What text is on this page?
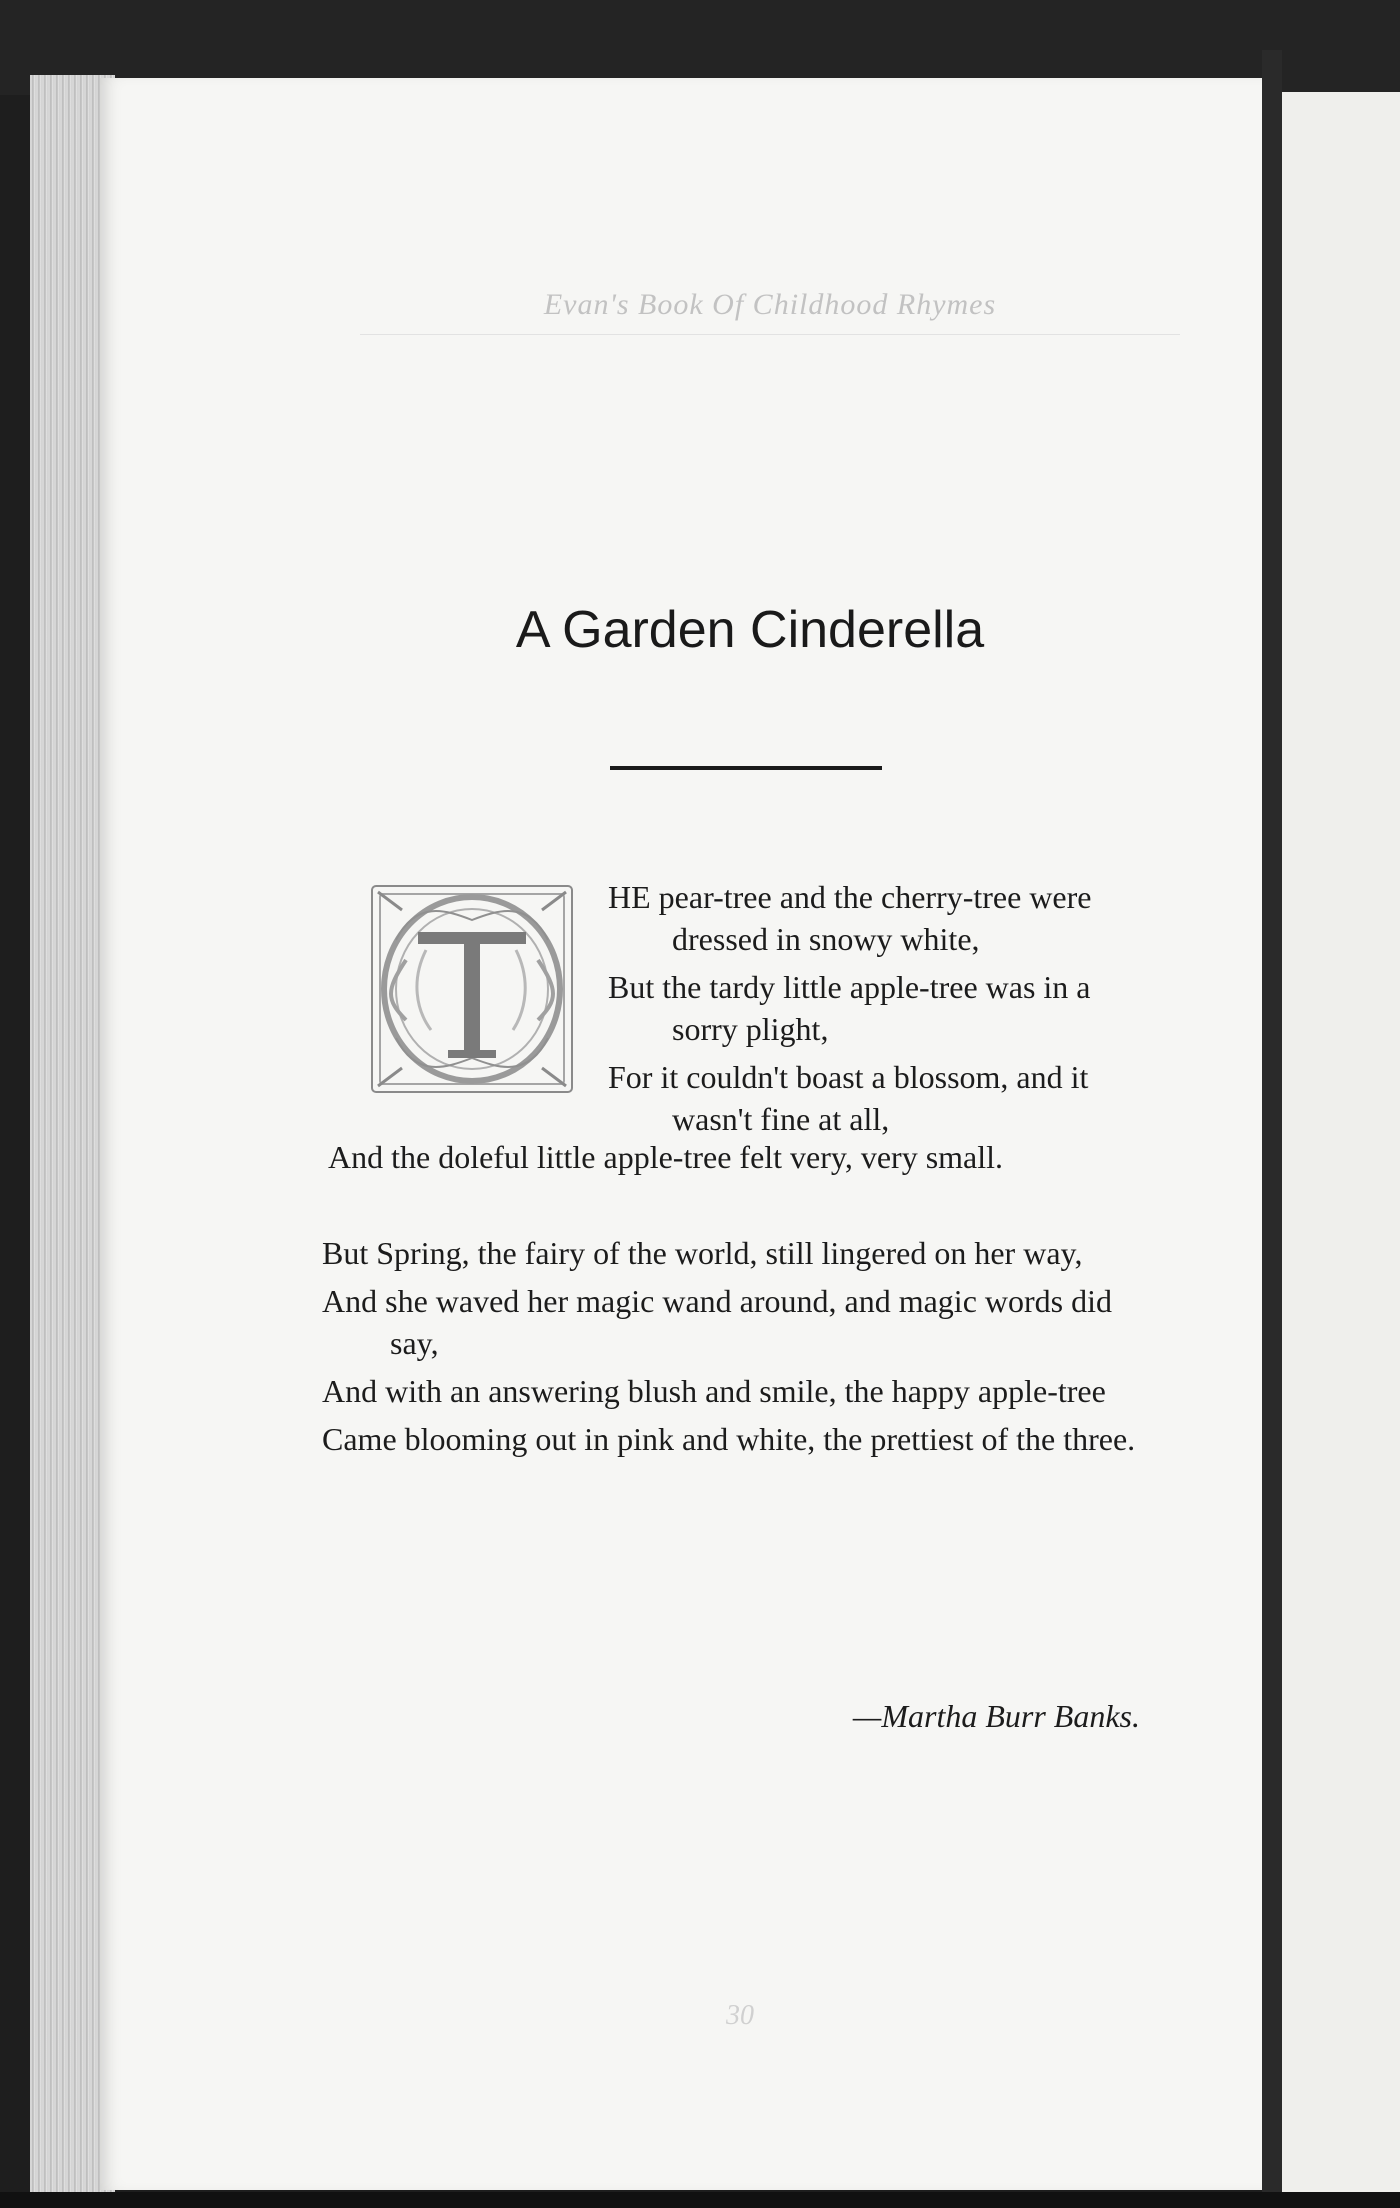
Evan's Book Of Childhood Rhymes
A Garden Cinderella
T
HE pear-tree and the cherry-tree were dressed in snowy white,
But the tardy little apple-tree was in a sorry plight,
For it couldn't boast a blossom, and it wasn't fine at all,

And the doleful little apple-tree felt very, very small.

But Spring, the fairy of the world, still lingered on her way,
And she waved her magic wand around, and magic words did say,
And with an answering blush and smile, the happy apple-tree
Came blooming out in pink and white, the prettiest of the three.

—Martha Burr Banks.

30
